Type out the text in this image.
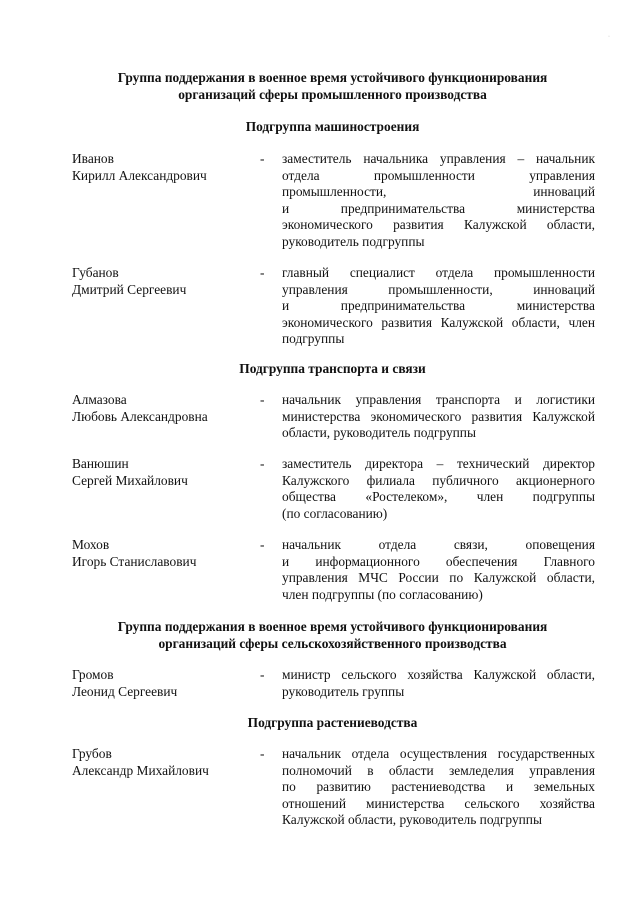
·
Группа поддержания в военное время устойчивого функционирования
организаций сферы промышленного производства
Подгруппа машиностроения
Иванов
Кирилл Александрович
- заместитель начальника управления – начальник
отдела промышленности управления
промышленности, инноваций
и предпринимательства министерства
экономического развития Калужской области,
руководитель подгруппы
Губанов
Дмитрий Сергеевич
- главный специалист отдела промышленности
управления промышленности, инноваций
и предпринимательства министерства
экономического развития Калужской области, член
подгруппы
Подгруппа транспорта и связи
Алмазова
Любовь Александровна
- начальник управления транспорта и логистики
министерства экономического развития Калужской
области, руководитель подгруппы
Ванюшин
Сергей Михайлович
- заместитель директора – технический директор
Калужского филиала публичного акционерного
общества «Ростелеком», член подгруппы
(по согласованию)
Мохов
Игорь Станиславович
- начальник отдела связи, оповещения
и информационного обеспечения Главного
управления МЧС России по Калужской области,
член подгруппы (по согласованию)
Группа поддержания в военное время устойчивого функционирования
организаций сферы сельскохозяйственного производства
Громов
Леонид Сергеевич
- министр сельского хозяйства Калужской области,
руководитель группы
Подгруппа растениеводства
Грубов
Александр Михайлович
- начальник отдела осуществления государственных
полномочий в области земледелия управления
по развитию растениеводства и земельных
отношений министерства сельского хозяйства
Калужской области, руководитель подгруппы
